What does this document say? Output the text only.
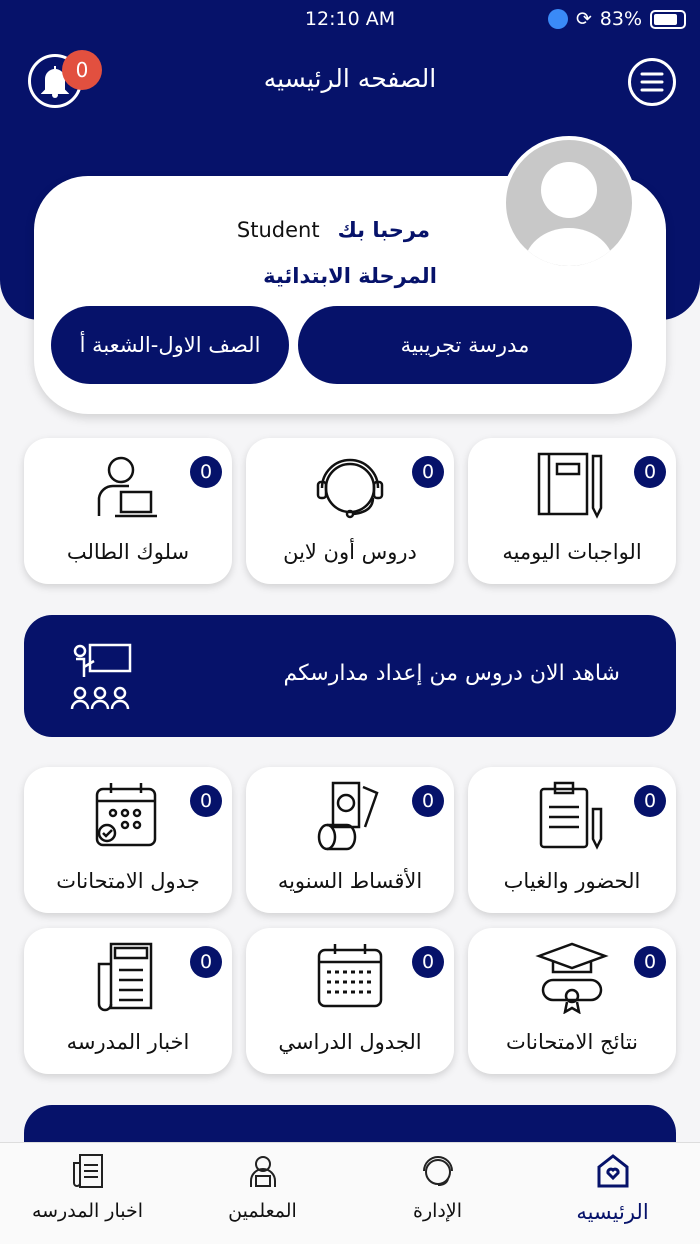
12:10 AM	⟳ 83%
الصفحه الرئيسيه
0
Student مرحبا بك
المرحلة الابتدائية
الصف الاول-الشعبة أ	مدرسة تجريبية
0
الواجبات اليوميه
0
دروس أون لاين
0
سلوك الطالب
شاهد الان دروس من إعداد مدارسكم
0
الحضور والغياب
0
الأقساط السنويه
0
جدول الامتحانات
0
نتائج الامتحانات
0
الجدول الدراسي
0
اخبار المدرسه
الرئيسيه
الإدارة
المعلمين
اخبار المدرسه
